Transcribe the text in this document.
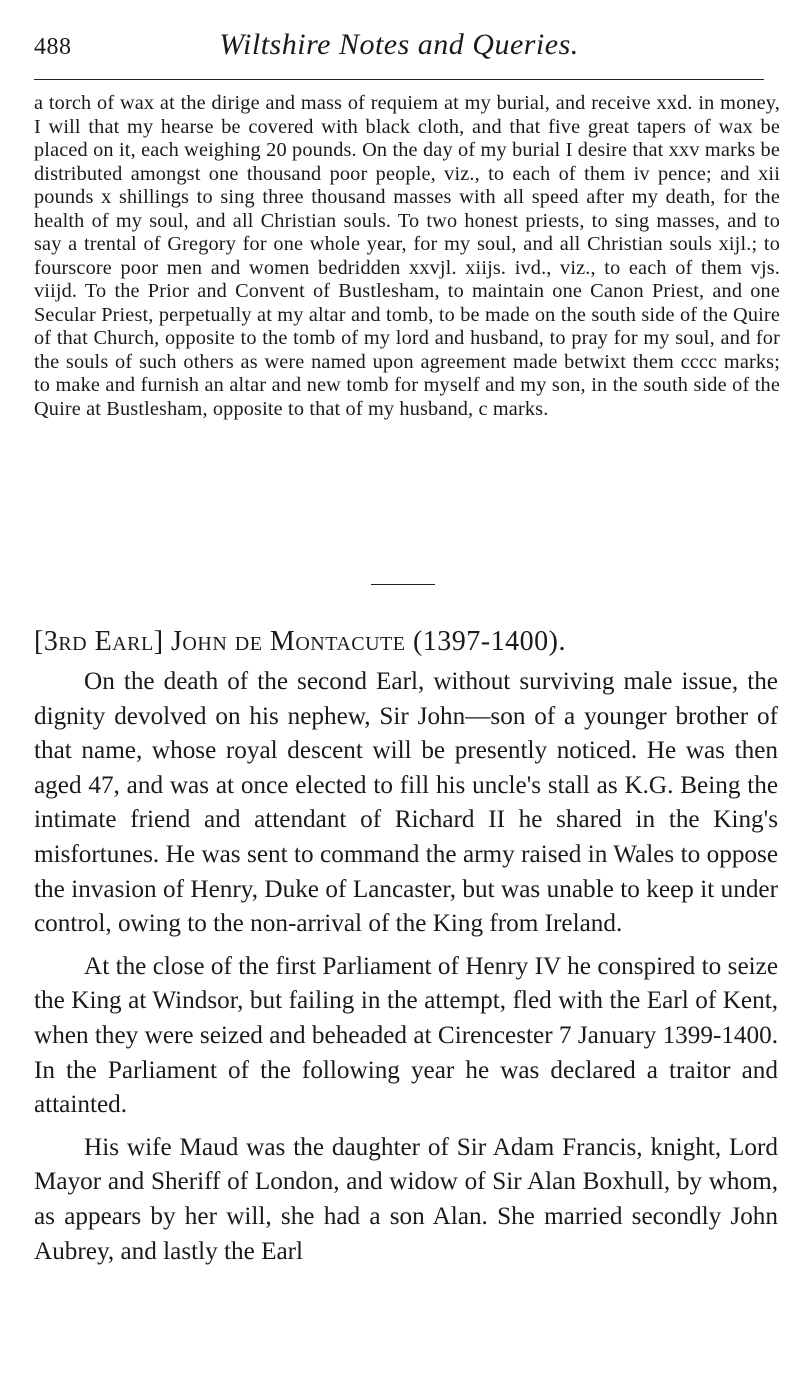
488	Wiltshire Notes and Queries.

a torch of wax at the dirige and mass of requiem at my burial, and receive xxd. in money, I will that my hearse be covered with black cloth, and that five great tapers of wax be placed on it, each weighing 20 pounds. On the day of my burial I desire that xxv marks be distributed amongst one thousand poor people, viz., to each of them iv pence; and xii pounds x shillings to sing three thousand masses with all speed after my death, for the health of my soul, and all Christian souls. To two honest priests, to sing masses, and to say a trental of Gregory for one whole year, for my soul, and all Christian souls xijl.; to fourscore poor men and women bedridden xxvjl. xiijs. ivd., viz., to each of them vjs. viijd. To the Prior and Convent of Bustlesham, to maintain one Canon Priest, and one Secular Priest, perpetually at my altar and tomb, to be made on the south side of the Quire of that Church, opposite to the tomb of my lord and husband, to pray for my soul, and for the souls of such others as were named upon agreement made betwixt them cccc marks; to make and furnish an altar and new tomb for myself and my son, in the south side of the Quire at Bustlesham, opposite to that of my husband, c marks.

[3rd Earl] John de Montacute (1397-1400).

On the death of the second Earl, without surviving male issue, the dignity devolved on his nephew, Sir John—son of a younger brother of that name, whose royal descent will be presently noticed. He was then aged 47, and was at once elected to fill his uncle's stall as K.G. Being the intimate friend and attendant of Richard II he shared in the King's misfortunes. He was sent to command the army raised in Wales to oppose the invasion of Henry, Duke of Lancaster, but was unable to keep it under control, owing to the non-arrival of the King from Ireland.

At the close of the first Parliament of Henry IV he conspired to seize the King at Windsor, but failing in the attempt, fled with the Earl of Kent, when they were seized and beheaded at Cirencester 7 January 1399-1400. In the Parliament of the following year he was declared a traitor and attainted.

His wife Maud was the daughter of Sir Adam Francis, knight, Lord Mayor and Sheriff of London, and widow of Sir Alan Boxhull, by whom, as appears by her will, she had a son Alan. She married secondly John Aubrey, and lastly the Earl
